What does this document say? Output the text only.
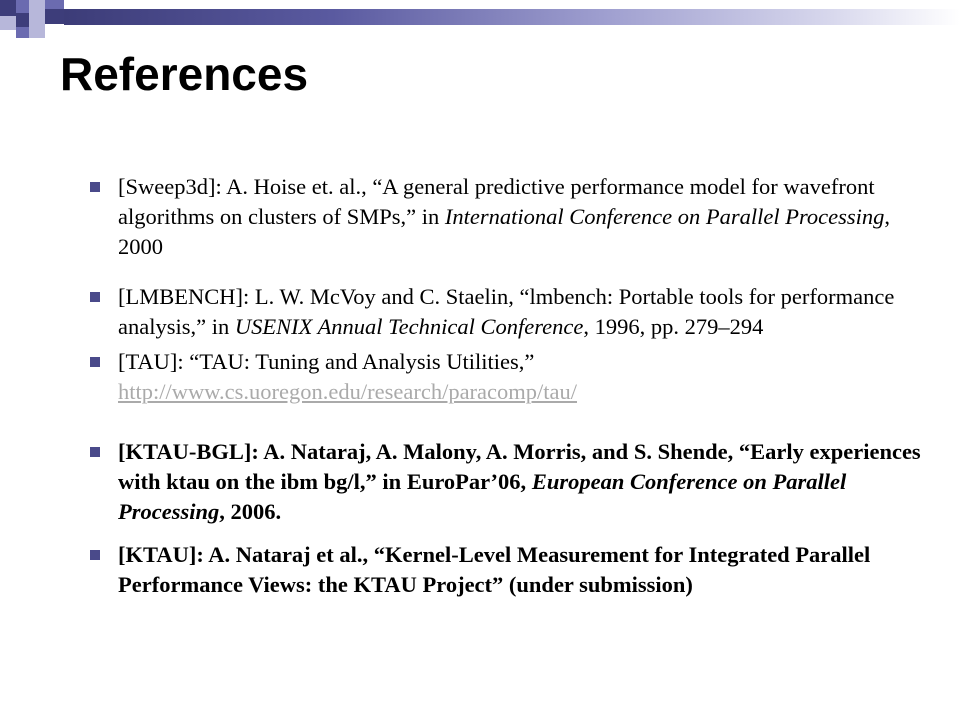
References
[Sweep3d]: A. Hoise et. al., “A general predictive performance model for wavefront algorithms on clusters of SMPs,” in International Conference on Parallel Processing, 2000
[LMBENCH]: L. W. McVoy and C. Staelin, “lmbench: Portable tools for performance analysis,” in USENIX Annual Technical Conference, 1996, pp. 279–294
[TAU]: “TAU: Tuning and Analysis Utilities,” http://www.cs.uoregon.edu/research/paracomp/tau/
[KTAU-BGL]: A. Nataraj, A. Malony, A. Morris, and S. Shende, “Early experiences with ktau on the ibm bg/l,” in EuroPar’06, European Conference on Parallel Processing, 2006.
[KTAU]: A. Nataraj et al., “Kernel-Level Measurement for Integrated Parallel Performance Views: the KTAU Project” (under submission)
